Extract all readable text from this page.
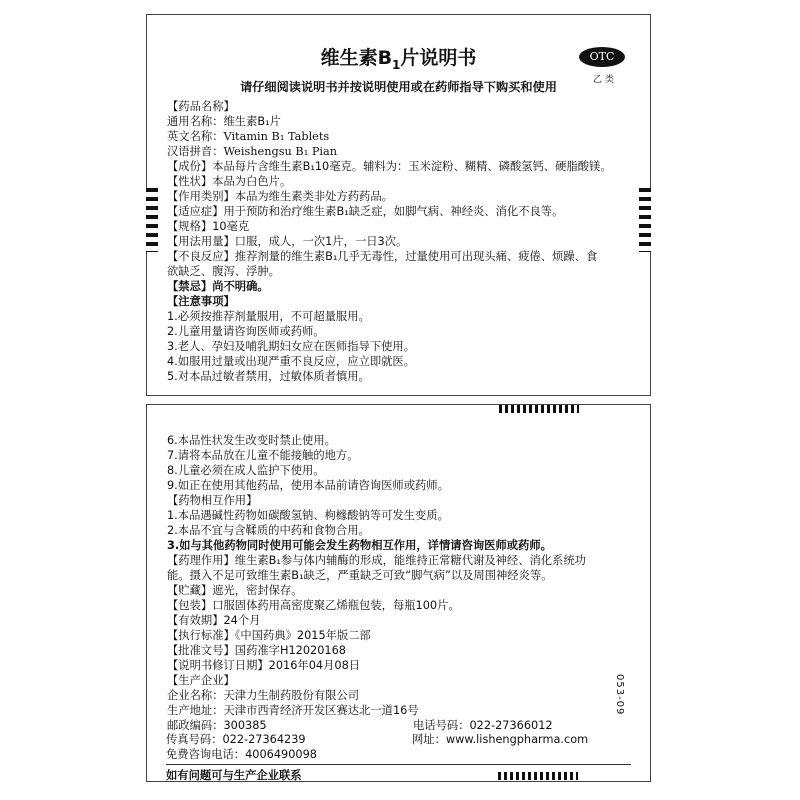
维生素$B_1$片说明书	OTC
乙 类
请仔细阅读说明书并按说明使用或在药师指导下购买和使用
【药品名称】
通用名称：维生素B₁片
英文名称：Vitamin B₁ Tablets
汉语拼音：Weishengsu B₁ Pian
【成份】本品每片含维生素B₁10毫克。辅料为：玉米淀粉、糊精、磷酸氢钙、硬脂酸镁。
【性状】本品为白色片。
【作用类别】本品为维生素类非处方药药品。
【适应症】用于预防和治疗维生素B₁缺乏症，如脚气病、神经炎、消化不良等。
【规格】10毫克
【用法用量】口服，成人，一次1片，一日3次。
【不良反应】推荐剂量的维生素B₁几乎无毒性，过量使用可出现头痛、疲倦、烦躁、食
欲缺乏、腹泻、浮肿。
【禁忌】尚不明确。
【注意事项】
1.必须按推荐剂量服用，不可超量服用。
2.儿童用量请咨询医师或药师。
3.老人、孕妇及哺乳期妇女应在医师指导下使用。
4.如服用过量或出现严重不良反应，应立即就医。
5.对本品过敏者禁用，过敏体质者慎用。
6.本品性状发生改变时禁止使用。
7.请将本品放在儿童不能接触的地方。
8.儿童必须在成人监护下使用。
9.如正在使用其他药品，使用本品前请咨询医师或药师。
【药物相互作用】
1.本品遇碱性药物如碳酸氢钠、枸橼酸钠等可发生变质。
2.本品不宜与含鞣质的中药和食物合用。
3.如与其他药物同时使用可能会发生药物相互作用，详情请咨询医师或药师。
【药理作用】维生素B₁参与体内辅酶的形成，能维持正常糖代谢及神经、消化系统功
能。摄入不足可致维生素B₁缺乏，严重缺乏可致“脚气病”以及周围神经炎等。
【贮藏】遮光，密封保存。
【包装】口服固体药用高密度聚乙烯瓶包装，每瓶100片。
【有效期】24个月
【执行标准】《中国药典》2015年版二部
【批准文号】国药准字H12020168
【说明书修订日期】2016年04月08日
【生产企业】
企业名称：天津力生制药股份有限公司
生产地址：天津市西青经济开发区赛达北一道16号
邮政编码：300385	电话号码：022-27366012
传真号码：022-27364239	网址：www.lishengpharma.com
免费咨询电话：4006490098
如有问题可与生产企业联系
053-09
